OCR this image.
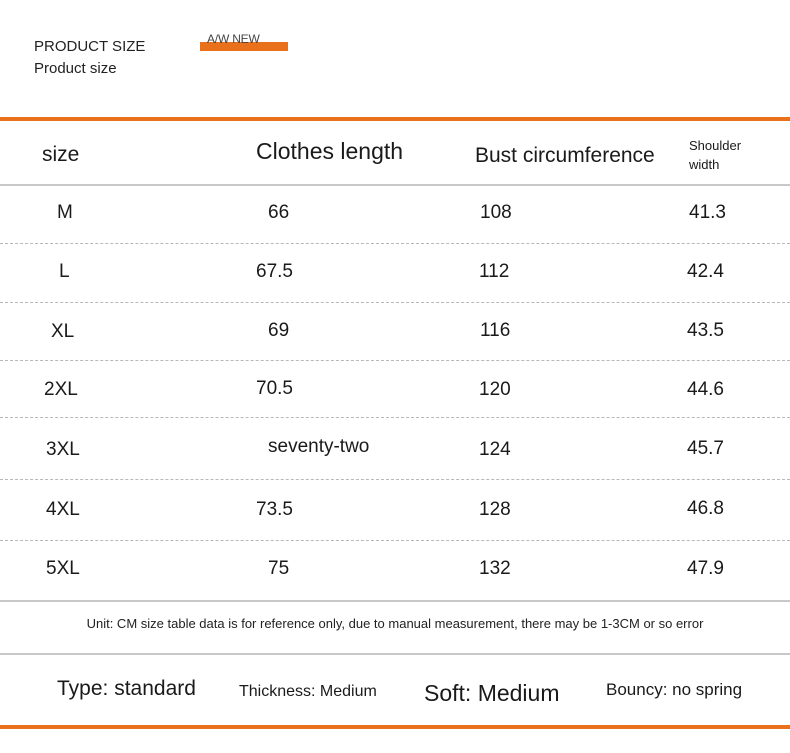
PRODUCT SIZE
Product size
A/W NEW
size	Clothes length	Bust circumference	Shoulder width
M	66	108	41.3
L	67.5	112	42.4
XL	69	116	43.5
2XL	70.5	120	44.6
3XL	seventy-two	124	45.7
4XL	73.5	128	46.8
5XL	75	132	47.9
Unit: CM size table data is for reference only, due to manual measurement, there may be 1-3CM or so error
Type: standard	Thickness: Medium Soft: Medium	Bouncy: no spring
